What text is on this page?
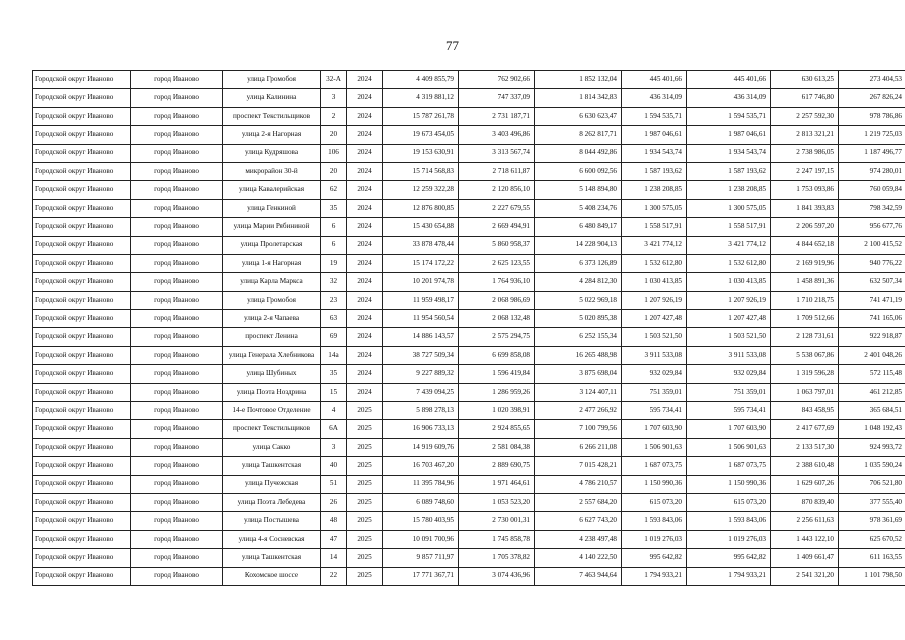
77
Городской округ Иваново	город Иваново	улица Громобоя	32-А	2024	4 409 855,79	762 902,66	1 852 132,04	445 401,66	445 401,66	630 613,25	273 404,53
Городской округ Иваново	город Иваново	улица Калинина	3	2024	4 319 881,12	747 337,09	1 814 342,83	436 314,09	436 314,09	617 746,80	267 826,24
Городской округ Иваново	город Иваново	проспект Текстильщиков	2	2024	15 787 261,78	2 731 187,71	6 630 623,47	1 594 535,71	1 594 535,71	2 257 592,30	978 786,86
Городской округ Иваново	город Иваново	улица 2-я Нагорная	20	2024	19 673 454,05	3 403 496,86	8 262 817,71	1 987 046,61	1 987 046,61	2 813 321,21	1 219 725,03
Городской округ Иваново	город Иваново	улица Кудряшова	106	2024	19 153 630,91	3 313 567,74	8 044 492,86	1 934 543,74	1 934 543,74	2 738 986,05	1 187 496,77
Городской округ Иваново	город Иваново	микрорайон 30-й	20	2024	15 714 568,83	2 718 611,87	6 600 092,56	1 587 193,62	1 587 193,62	2 247 197,15	974 280,01
Городской округ Иваново	город Иваново	улица Кавалерийская	62	2024	12 259 322,28	2 120 856,10	5 148 894,80	1 238 208,85	1 238 208,85	1 753 093,86	760 059,84
Городской округ Иваново	город Иваново	улица Генкиной	35	2024	12 876 800,85	2 227 679,55	5 408 234,76	1 300 575,05	1 300 575,05	1 841 393,83	798 342,59
Городской округ Иваново	город Иваново	улица Марии Рябининой	6	2024	15 430 654,88	2 669 494,91	6 480 849,17	1 558 517,91	1 558 517,91	2 206 597,20	956 677,76
Городской округ Иваново	город Иваново	улица Пролетарская	6	2024	33 878 478,44	5 860 958,37	14 228 904,13	3 421 774,12	3 421 774,12	4 844 652,18	2 100 415,52
Городской округ Иваново	город Иваново	улица 1-я Нагорная	19	2024	15 174 172,22	2 625 123,55	6 373 126,89	1 532 612,80	1 532 612,80	2 169 919,96	940 776,22
Городской округ Иваново	город Иваново	улица Карла Маркса	32	2024	10 201 974,78	1 764 936,10	4 284 812,30	1 030 413,85	1 030 413,85	1 458 891,36	632 507,34
Городской округ Иваново	город Иваново	улица Громобоя	23	2024	11 959 498,17	2 068 986,69	5 022 969,18	1 207 926,19	1 207 926,19	1 710 218,75	741 471,19
Городской округ Иваново	город Иваново	улица 2-я Чапаева	63	2024	11 954 560,54	2 068 132,48	5 020 895,38	1 207 427,48	1 207 427,48	1 709 512,66	741 165,06
Городской округ Иваново	город Иваново	проспект Ленина	69	2024	14 886 143,57	2 575 294,75	6 252 155,34	1 503 521,50	1 503 521,50	2 128 731,61	922 918,87
Городской округ Иваново	город Иваново	улица Генерала Хлебникова	14а	2024	38 727 509,34	6 699 858,08	16 265 488,98	3 911 533,08	3 911 533,08	5 538 067,86	2 401 048,26
Городской округ Иваново	город Иваново	улица Шубиных	35	2024	9 227 889,32	1 596 419,84	3 875 698,04	932 029,84	932 029,84	1 319 596,28	572 115,48
Городской округ Иваново	город Иваново	улица Поэта Ноздрина	15	2024	7 439 094,25	1 286 959,26	3 124 407,11	751 359,01	751 359,01	1 063 797,01	461 212,85
Городской округ Иваново	город Иваново	14-е Почтовое Отделение	4	2025	5 898 278,13	1 020 398,91	2 477 266,92	595 734,41	595 734,41	843 458,95	365 684,51
Городской округ Иваново	город Иваново	проспект Текстильщиков	6А	2025	16 906 733,13	2 924 855,65	7 100 799,56	1 707 603,90	1 707 603,90	2 417 677,69	1 048 192,43
Городской округ Иваново	город Иваново	улица Сакко	3	2025	14 919 609,76	2 581 084,38	6 266 211,08	1 506 901,63	1 506 901,63	2 133 517,30	924 993,72
Городской округ Иваново	город Иваново	улица Ташкентская	40	2025	16 703 467,20	2 889 690,75	7 015 428,21	1 687 073,75	1 687 073,75	2 388 610,48	1 035 590,24
Городской округ Иваново	город Иваново	улица Пучежская	51	2025	11 395 784,96	1 971 464,61	4 786 210,57	1 150 990,36	1 150 990,36	1 629 607,26	706 521,80
Городской округ Иваново	город Иваново	улица Поэта Лебедева	26	2025	6 089 748,60	1 053 523,20	2 557 684,20	615 073,20	615 073,20	870 839,40	377 555,40
Городской округ Иваново	город Иваново	улица Постышева	48	2025	15 780 403,95	2 730 001,31	6 627 743,20	1 593 843,06	1 593 843,06	2 256 611,63	978 361,69
Городской округ Иваново	город Иваново	улица 4-я Сосневская	47	2025	10 091 700,96	1 745 858,78	4 238 497,48	1 019 276,03	1 019 276,03	1 443 122,10	625 670,52
Городской округ Иваново	город Иваново	улица Ташкентская	14	2025	9 857 711,97	1 705 378,82	4 140 222,50	995 642,82	995 642,82	1 409 661,47	611 163,55
Городской округ Иваново	город Иваново	Кохомское шоссе	22	2025	17 771 367,71	3 074 436,96	7 463 944,64	1 794 933,21	1 794 933,21	2 541 321,20	1 101 798,50
